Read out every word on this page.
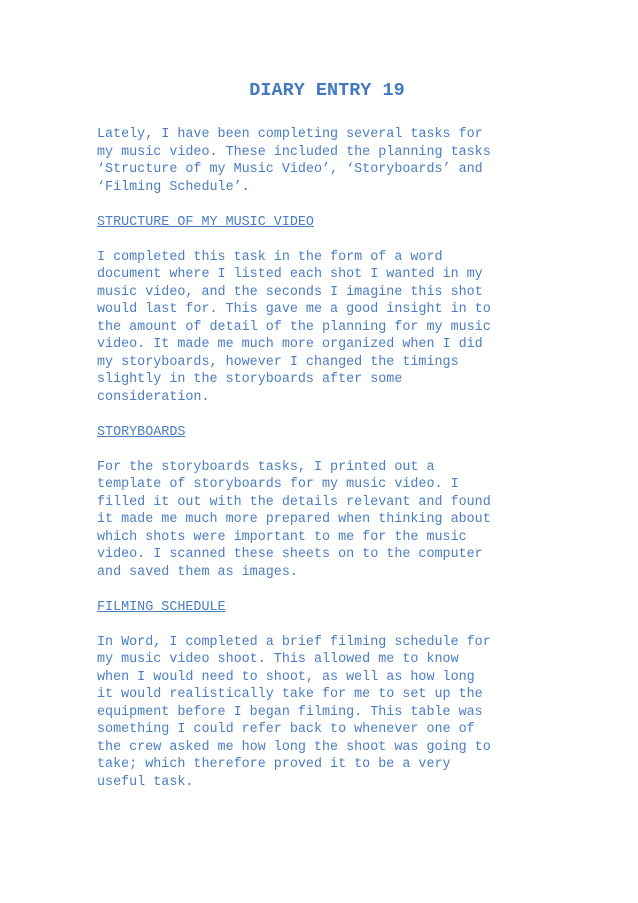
DIARY ENTRY 19
Lately, I have been completing several tasks for
my music video. These included the planning tasks
‘Structure of my Music Video’, ‘Storyboards’ and
‘Filming Schedule’.
STRUCTURE OF MY MUSIC VIDEO
I completed this task in the form of a word
document where I listed each shot I wanted in my
music video, and the seconds I imagine this shot
would last for. This gave me a good insight in to
the amount of detail of the planning for my music
video. It made me much more organized when I did
my storyboards, however I changed the timings
slightly in the storyboards after some
consideration.
STORYBOARDS
For the storyboards tasks, I printed out a
template of storyboards for my music video. I
filled it out with the details relevant and found
it made me much more prepared when thinking about
which shots were important to me for the music
video. I scanned these sheets on to the computer
and saved them as images.
FILMING SCHEDULE
In Word, I completed a brief filming schedule for
my music video shoot. This allowed me to know
when I would need to shoot, as well as how long
it would realistically take for me to set up the
equipment before I began filming. This table was
something I could refer back to whenever one of
the crew asked me how long the shoot was going to
take; which therefore proved it to be a very
useful task.
